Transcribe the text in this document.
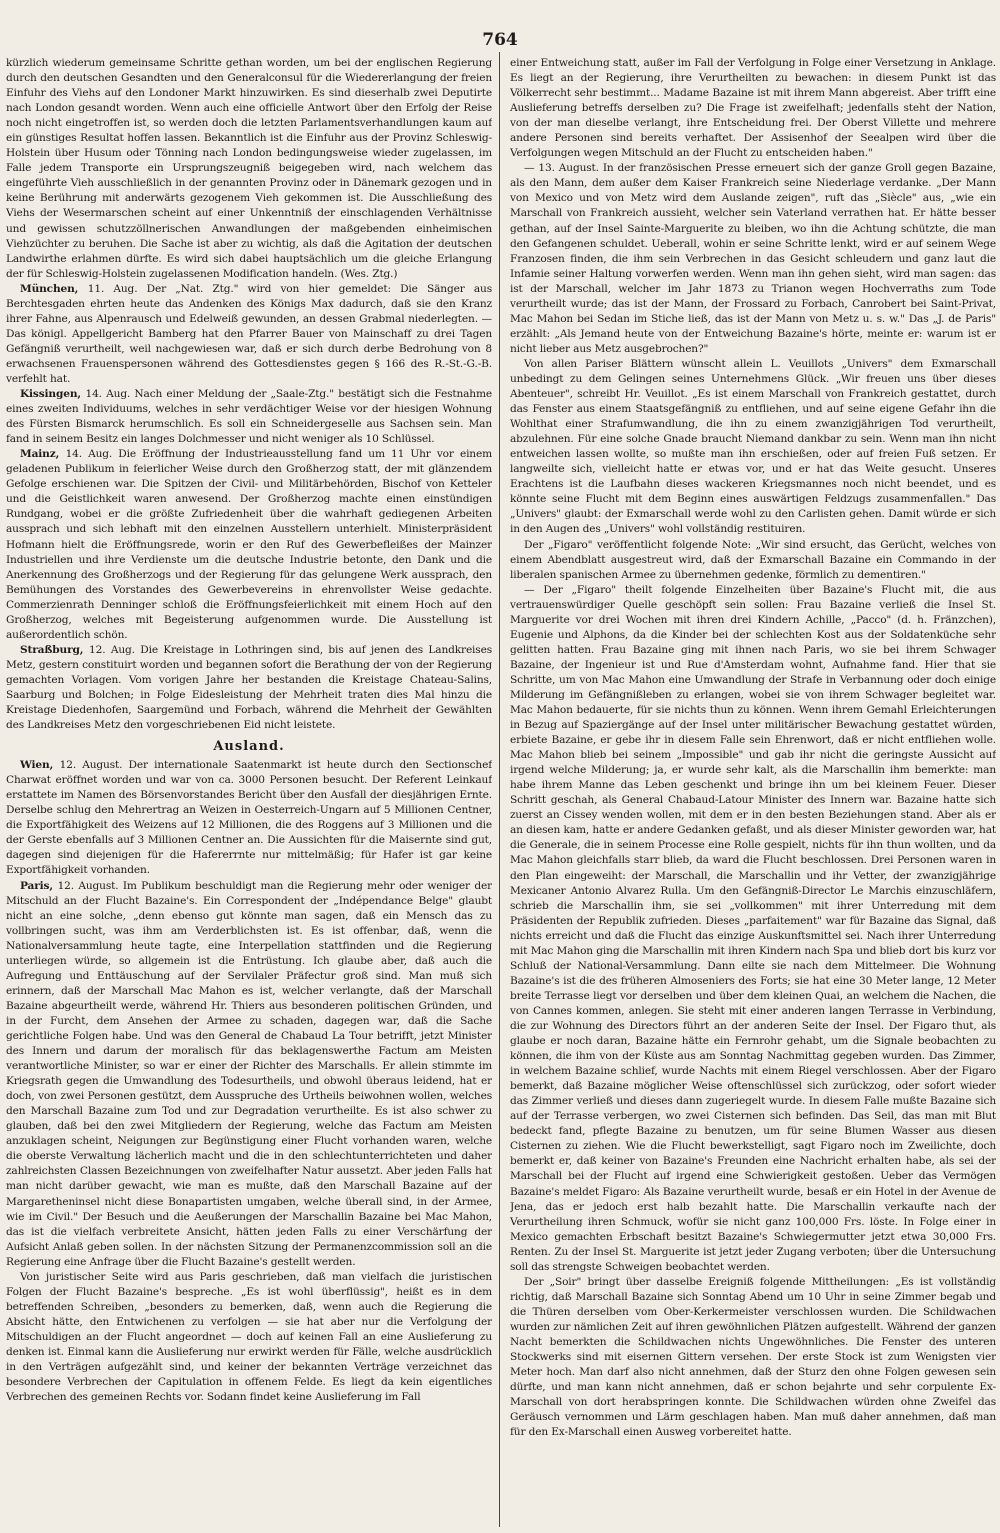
764

kürzlich wiederum gemeinsame Schritte gethan worden, um bei der englischen Regierung durch den deutschen Gesandten und den Generalconsul für die Wiedererlangung der freien Einfuhr des Viehs auf den Londoner Markt hinzuwirken. Es sind dieserhalb zwei Deputirte nach London gesandt worden. Wenn auch eine officielle Antwort über den Erfolg der Reise noch nicht eingetroffen ist, so werden doch die letzten Parlamentsverhandlungen kaum auf ein günstiges Resultat hoffen lassen. Bekanntlich ist die Einfuhr aus der Provinz Schleswig-Holstein über Husum oder Tönning nach London bedingungsweise wieder zugelassen, im Falle jedem Transporte ein Ursprungszeugniß beigegeben wird, nach welchem das eingeführte Vieh ausschließlich in der genannten Provinz oder in Dänemark gezogen und in keine Berührung mit anderwärts gezogenem Vieh gekommen ist. Die Ausschließung des Viehs der Wesermarschen scheint auf einer Unkenntniß der einschlagenden Verhältnisse und gewissen schutzzöllnerischen Anwandlungen der maßgebenden einheimischen Viehzüchter zu beruhen. Die Sache ist aber zu wichtig, als daß die Agitation der deutschen Landwirthe erlahmen dürfte. Es wird sich dabei hauptsächlich um die gleiche Erlangung der für Schleswig-Holstein zugelassenen Modification handeln. (Wes. Ztg.)

München, 11. Aug. Der „Nat. Ztg." wird von hier gemeldet: Die Sänger aus Berchtesgaden ehrten heute das Andenken des Königs Max dadurch, daß sie den Kranz ihrer Fahne, aus Alpenrausch und Edelweiß gewunden, an dessen Grabmal niederlegten. — Das königl. Appellgericht Bamberg hat den Pfarrer Bauer von Mainschaff zu drei Tagen Gefängniß verurtheilt, weil nachgewiesen war, daß er sich durch derbe Bedrohung von 8 erwachsenen Frauenspersonen während des Gottesdienstes gegen § 166 des R.-St.-G.-B. verfehlt hat.

Kissingen, 14. Aug. Nach einer Meldung der „Saale-Ztg." bestätigt sich die Festnahme eines zweiten Individuums, welches in sehr verdächtiger Weise vor der hiesigen Wohnung des Fürsten Bismarck herumschlich. Es soll ein Schneidergeselle aus Sachsen sein. Man fand in seinem Besitz ein langes Dolchmesser und nicht weniger als 10 Schlüssel.

Mainz, 14. Aug. Die Eröffnung der Industrieausstellung fand um 11 Uhr vor einem geladenen Publikum in feierlicher Weise durch den Großherzog statt, der mit glänzendem Gefolge erschienen war. Die Spitzen der Civil- und Militärbehörden, Bischof von Ketteler und die Geistlichkeit waren anwesend. Der Großherzog machte einen einstündigen Rundgang, wobei er die größte Zufriedenheit über die wahrhaft gediegenen Arbeiten aussprach und sich lebhaft mit den einzelnen Ausstellern unterhielt. Ministerpräsident Hofmann hielt die Eröffnungsrede, worin er den Ruf des Gewerbefleißes der Mainzer Industriellen und ihre Verdienste um die deutsche Industrie betonte, den Dank und die Anerkennung des Großherzogs und der Regierung für das gelungene Werk aussprach, den Bemühungen des Vorstandes des Gewerbevereins in ehrenvollster Weise gedachte. Commerzienrath Denninger schloß die Eröffnungsfeierlichkeit mit einem Hoch auf den Großherzog, welches mit Begeisterung aufgenommen wurde. Die Ausstellung ist außerordentlich schön.

Straßburg, 12. Aug. Die Kreistage in Lothringen sind, bis auf jenen des Landkreises Metz, gestern constituirt worden und begannen sofort die Berathung der von der Regierung gemachten Vorlagen. Vom vorigen Jahre her bestanden die Kreistage Chateau-Salins, Saarburg und Bolchen; in Folge Eidesleistung der Mehrheit traten dies Mal hinzu die Kreistage Diedenhofen, Saargemünd und Forbach, während die Mehrheit der Gewählten des Landkreises Metz den vorgeschriebenen Eid nicht leistete.

Ausland.

Wien, 12. August. Der internationale Saatenmarkt ist heute durch den Sectionschef Charwat eröffnet worden und war von ca. 3000 Personen besucht. Der Referent Leinkauf erstattete im Namen des Börsenvorstandes Bericht über den Ausfall der diesjährigen Ernte. Derselbe schlug den Mehrertrag an Weizen in Oesterreich-Ungarn auf 5 Millionen Centner, die Exportfähigkeit des Weizens auf 12 Millionen, die des Roggens auf 3 Millionen und die der Gerste ebenfalls auf 3 Millionen Centner an. Die Aussichten für die Maisernte sind gut, dagegen sind diejenigen für die Hafererrnte nur mittelmäßig; für Hafer ist gar keine Exportfähigkeit vorhanden.

Paris, 12. August. Im Publikum beschuldigt man die Regierung mehr oder weniger der Mitschuld an der Flucht Bazaine's. Ein Correspondent der „Indépendance Belge" glaubt nicht an eine solche, „denn ebenso gut könnte man sagen, daß ein Mensch das zu vollbringen sucht, was ihm am Verderblichsten ist. Es ist offenbar, daß, wenn die Nationalversammlung heute tagte, eine Interpellation stattfinden und die Regierung unterliegen würde, so allgemein ist die Entrüstung. Ich glaube aber, daß auch die Aufregung und Enttäuschung auf der Servilaler Präfectur groß sind. Man muß sich erinnern, daß der Marschall Mac Mahon es ist, welcher verlangte, daß der Marschall Bazaine abgeurtheilt werde, während Hr. Thiers aus besonderen politischen Gründen, und in der Furcht, dem Ansehen der Armee zu schaden, dagegen war, daß die Sache gerichtliche Folgen habe. Und was den General de Chabaud La Tour betrifft, jetzt Minister des Innern und darum der moralisch für das beklagenswerthe Factum am Meisten verantwortliche Minister, so war er einer der Richter des Marschalls. Er allein stimmte im Kriegsrath gegen die Umwandlung des Todesurtheils, und obwohl überaus leidend, hat er doch, von zwei Personen gestützt, dem Ausspruche des Urtheils beiwohnen wollen, welches den Marschall Bazaine zum Tod und zur Degradation verurtheilte. Es ist also schwer zu glauben, daß bei den zwei Mitgliedern der Regierung, welche das Factum am Meisten anzuklagen scheint, Neigungen zur Begünstigung einer Flucht vorhanden waren, welche die oberste Verwaltung lächerlich macht und die in den schlechtunterrichteten und daher zahlreichsten Classen Bezeichnungen von zweifelhafter Natur aussetzt. Aber jeden Falls hat man nicht darüber gewacht, wie man es mußte, daß den Marschall Bazaine auf der Margaretheninsel nicht diese Bonapartisten umgaben, welche überall sind, in der Armee, wie im Civil." Der Besuch und die Aeußerungen der Marschallin Bazaine bei Mac Mahon, das ist die vielfach verbreitete Ansicht, hätten jeden Falls zu einer Verschärfung der Aufsicht Anlaß geben sollen. In der nächsten Sitzung der Permanenzcommission soll an die Regierung eine Anfrage über die Flucht Bazaine's gestellt werden.

Von juristischer Seite wird aus Paris geschrieben, daß man vielfach die juristischen Folgen der Flucht Bazaine's bespreche. „Es ist wohl überflüssig", heißt es in dem betreffenden Schreiben, „besonders zu bemerken, daß, wenn auch die Regierung die Absicht hätte, den Entwichenen zu verfolgen — sie hat aber nur die Verfolgung der Mitschuldigen an der Flucht angeordnet — doch auf keinen Fall an eine Auslieferung zu denken ist. Einmal kann die Auslieferung nur erwirkt werden für Fälle, welche ausdrücklich in den Verträgen aufgezählt sind, und keiner der bekannten Verträge verzeichnet das besondere Verbrechen der Capitulation in offenem Felde. Es liegt da kein eigentliches Verbrechen des gemeinen Rechts vor. Sodann findet keine Auslieferung im Fall

einer Entweichung statt, außer im Fall der Verfolgung in Folge einer Versetzung in Anklage. Es liegt an der Regierung, ihre Verurtheilten zu bewachen: in diesem Punkt ist das Völkerrecht sehr bestimmt... Madame Bazaine ist mit ihrem Mann abgereist. Aber trifft eine Auslieferung betreffs derselben zu? Die Frage ist zweifelhaft; jedenfalls steht der Nation, von der man dieselbe verlangt, ihre Entscheidung frei. Der Oberst Villette und mehrere andere Personen sind bereits verhaftet. Der Assisenhof der Seealpen wird über die Verfolgungen wegen Mitschuld an der Flucht zu entscheiden haben."

— 13. August. In der französischen Presse erneuert sich der ganze Groll gegen Bazaine, als den Mann, dem außer dem Kaiser Frankreich seine Niederlage verdanke. „Der Mann von Mexico und von Metz wird dem Auslande zeigen", ruft das „Siècle" aus, „wie ein Marschall von Frankreich aussieht, welcher sein Vaterland verrathen hat. Er hätte besser gethan, auf der Insel Sainte-Marguerite zu bleiben, wo ihn die Achtung schützte, die man den Gefangenen schuldet. Ueberall, wohin er seine Schritte lenkt, wird er auf seinem Wege Franzosen finden, die ihm sein Verbrechen in das Gesicht schleudern und ganz laut die Infamie seiner Haltung vorwerfen werden. Wenn man ihn gehen sieht, wird man sagen: das ist der Marschall, welcher im Jahr 1873 zu Trianon wegen Hochverraths zum Tode verurtheilt wurde; das ist der Mann, der Frossard zu Forbach, Canrobert bei Saint-Privat, Mac Mahon bei Sedan im Stiche ließ, das ist der Mann von Metz u. s. w." Das „J. de Paris" erzählt: „Als Jemand heute von der Entweichung Bazaine's hörte, meinte er: warum ist er nicht lieber aus Metz ausgebrochen?"

Von allen Pariser Blättern wünscht allein L. Veuillots „Univers" dem Exmarschall unbedingt zu dem Gelingen seines Unternehmens Glück. „Wir freuen uns über dieses Abenteuer", schreibt Hr. Veuillot. „Es ist einem Marschall von Frankreich gestattet, durch das Fenster aus einem Staatsgefängniß zu entfliehen, und auf seine eigene Gefahr ihn die Wohlthat einer Strafumwandlung, die ihn zu einem zwanzigjährigen Tod verurtheilt, abzulehnen. Für eine solche Gnade braucht Niemand dankbar zu sein. Wenn man ihn nicht entweichen lassen wollte, so mußte man ihn erschießen, oder auf freien Fuß setzen. Er langweilte sich, vielleicht hatte er etwas vor, und er hat das Weite gesucht. Unseres Erachtens ist die Laufbahn dieses wackeren Kriegsmannes noch nicht beendet, und es könnte seine Flucht mit dem Beginn eines auswärtigen Feldzugs zusammenfallen." Das „Univers" glaubt: der Exmarschall werde wohl zu den Carlisten gehen. Damit würde er sich in den Augen des „Univers" wohl vollständig restituiren.

Der „Figaro" veröffentlicht folgende Note: „Wir sind ersucht, das Gerücht, welches von einem Abendblatt ausgestreut wird, daß der Exmarschall Bazaine ein Commando in der liberalen spanischen Armee zu übernehmen gedenke, förmlich zu dementiren."

— Der „Figaro" theilt folgende Einzelheiten über Bazaine's Flucht mit, die aus vertrauenswürdiger Quelle geschöpft sein sollen: Frau Bazaine verließ die Insel St. Marguerite vor drei Wochen mit ihren drei Kindern Achille, „Pacco" (d. h. Fränzchen), Eugenie und Alphons, da die Kinder bei der schlechten Kost aus der Soldatenküche sehr gelitten hatten. Frau Bazaine ging mit ihnen nach Paris, wo sie bei ihrem Schwager Bazaine, der Ingenieur ist und Rue d'Amsterdam wohnt, Aufnahme fand. Hier that sie Schritte, um von Mac Mahon eine Umwandlung der Strafe in Verbannung oder doch einige Milderung im Gefängnißleben zu erlangen, wobei sie von ihrem Schwager begleitet war. Mac Mahon bedauerte, für sie nichts thun zu können. Wenn ihrem Gemahl Erleichterungen in Bezug auf Spaziergänge auf der Insel unter militärischer Bewachung gestattet würden, erbiete Bazaine, er gebe ihr in diesem Falle sein Ehrenwort, daß er nicht entfliehen wolle. Mac Mahon blieb bei seinem „Impossible" und gab ihr nicht die geringste Aussicht auf irgend welche Milderung; ja, er wurde sehr kalt, als die Marschallin ihm bemerkte: man habe ihrem Manne das Leben geschenkt und bringe ihn um bei kleinem Feuer. Dieser Schritt geschah, als General Chabaud-Latour Minister des Innern war. Bazaine hatte sich zuerst an Cissey wenden wollen, mit dem er in den besten Beziehungen stand. Aber als er an diesen kam, hatte er andere Gedanken gefaßt, und als dieser Minister geworden war, hat die Generale, die in seinem Processe eine Rolle gespielt, nichts für ihn thun wollten, und da Mac Mahon gleichfalls starr blieb, da ward die Flucht beschlossen. Drei Personen waren in den Plan eingeweiht: der Marschall, die Marschallin und ihr Vetter, der zwanzigjährige Mexicaner Antonio Alvarez Rulla. Um den Gefängniß-Director Le Marchis einzuschläfern, schrieb die Marschallin ihm, sie sei „vollkommen" mit ihrer Unterredung mit dem Präsidenten der Republik zufrieden. Dieses „parfaitement" war für Bazaine das Signal, daß nichts erreicht und daß die Flucht das einzige Auskunftsmittel sei. Nach ihrer Unterredung mit Mac Mahon ging die Marschallin mit ihren Kindern nach Spa und blieb dort bis kurz vor Schluß der National-Versammlung. Dann eilte sie nach dem Mittelmeer. Die Wohnung Bazaine's ist die des früheren Almoseniers des Forts; sie hat eine 30 Meter lange, 12 Meter breite Terrasse liegt vor derselben und über dem kleinen Quai, an welchem die Nachen, die von Cannes kommen, anlegen. Sie steht mit einer anderen langen Terrasse in Verbindung, die zur Wohnung des Directors führt an der anderen Seite der Insel. Der Figaro thut, als glaube er noch daran, Bazaine hätte ein Fernrohr gehabt, um die Signale beobachten zu können, die ihm von der Küste aus am Sonntag Nachmittag gegeben wurden. Das Zimmer, in welchem Bazaine schlief, wurde Nachts mit einem Riegel verschlossen. Aber der Figaro bemerkt, daß Bazaine möglicher Weise oftenschlüssel sich zurückzog, oder sofort wieder das Zimmer verließ und dieses dann zugeriegelt wurde. In diesem Falle mußte Bazaine sich auf der Terrasse verbergen, wo zwei Cisternen sich befinden. Das Seil, das man mit Blut bedeckt fand, pflegte Bazaine zu benutzen, um für seine Blumen Wasser aus diesen Cisternen zu ziehen. Wie die Flucht bewerkstelligt, sagt Figaro noch im Zweilichte, doch bemerkt er, daß keiner von Bazaine's Freunden eine Nachricht erhalten habe, als sei der Marschall bei der Flucht auf irgend eine Schwierigkeit gestoßen. Ueber das Vermögen Bazaine's meldet Figaro: Als Bazaine verurtheilt wurde, besaß er ein Hotel in der Avenue de Jena, das er jedoch erst halb bezahlt hatte. Die Marschallin verkaufte nach der Verurtheilung ihren Schmuck, wofür sie nicht ganz 100,000 Frs. löste. In Folge einer in Mexico gemachten Erbschaft besitzt Bazaine's Schwiegermutter jetzt etwa 30,000 Frs. Renten. Zu der Insel St. Marguerite ist jetzt jeder Zugang verboten; über die Untersuchung soll das strengste Schweigen beobachtet werden.

Der „Soir" bringt über dasselbe Ereigniß folgende Mittheilungen: „Es ist vollständig richtig, daß Marschall Bazaine sich Sonntag Abend um 10 Uhr in seine Zimmer begab und die Thüren derselben vom Ober-Kerkermeister verschlossen wurden. Die Schildwachen wurden zur nämlichen Zeit auf ihren gewöhnlichen Plätzen aufgestellt. Während der ganzen Nacht bemerkten die Schildwachen nichts Ungewöhnliches. Die Fenster des unteren Stockwerks sind mit eisernen Gittern versehen. Der erste Stock ist zum Wenigsten vier Meter hoch. Man darf also nicht annehmen, daß der Sturz den ohne Folgen gewesen sein dürfte, und man kann nicht annehmen, daß er schon bejahrte und sehr corpulente Ex-Marschall von dort herabspringen konnte. Die Schildwachen würden ohne Zweifel das Geräusch vernommen und Lärm geschlagen haben. Man muß daher annehmen, daß man für den Ex-Marschall einen Ausweg vorbereitet hatte.
